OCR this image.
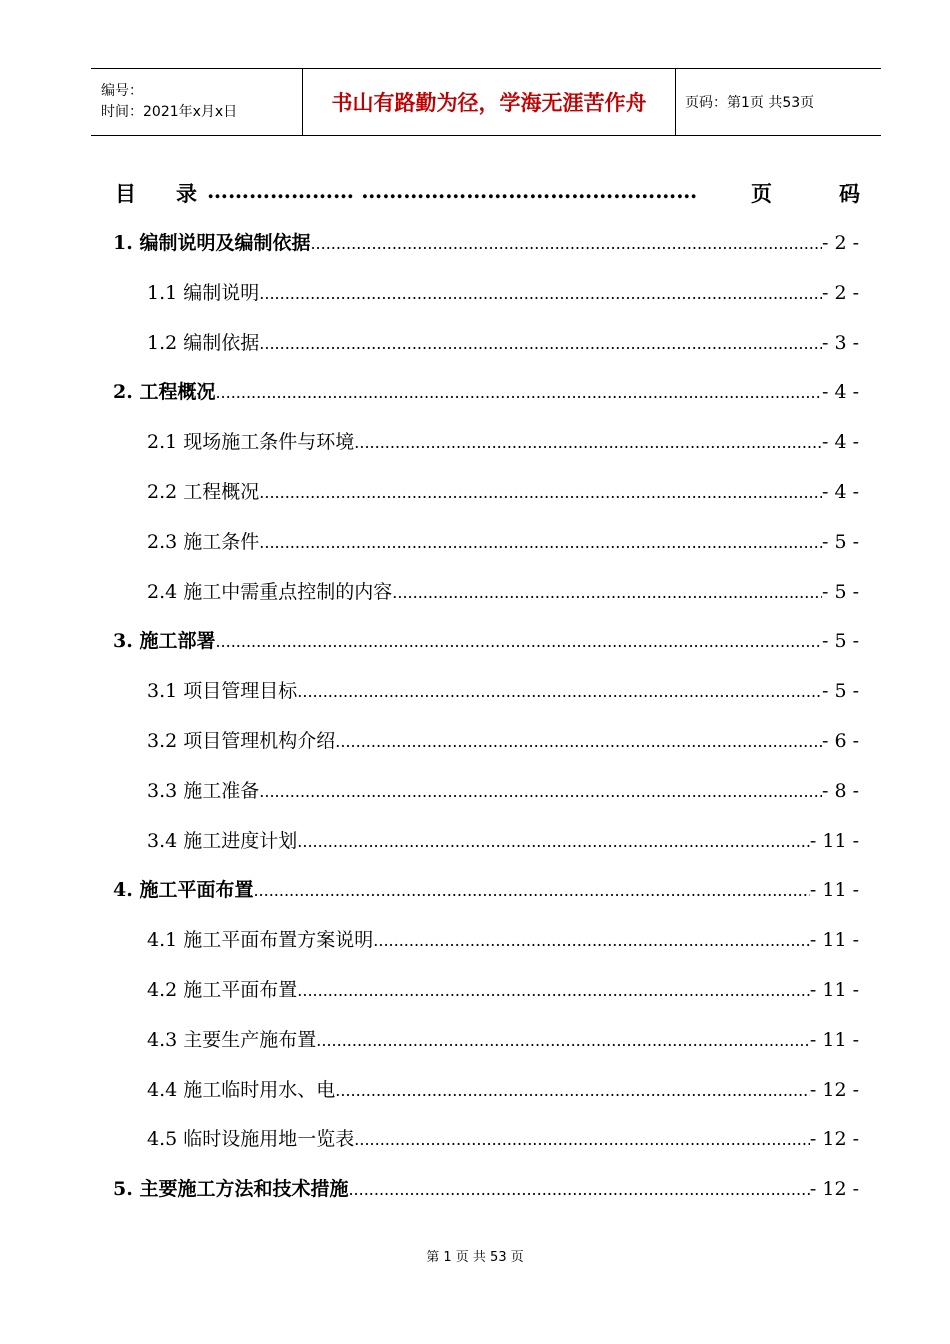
编号：
时间：2021年x月x日	书山有路勤为径，学海无涯苦作舟	页码：第1页 共53页
目 录 ………………… …………………………………………	页	码
1. 编制说明及编制依据 .....	- 2 -
1.1 编制说明 .....	- 2 -
1.2 编制依据 .....	- 3 -
2. 工程概况 .....	- 4 -
2.1 现场施工条件与环境 .....	- 4 -
2.2 工程概况 .....	- 4 -
2.3 施工条件 .....	- 5 -
2.4 施工中需重点控制的内容 .....	- 5 -
3. 施工部署 .....	- 5 -
3.1 项目管理目标 .....	- 5 -
3.2 项目管理机构介绍 .....	- 6 -
3.3 施工准备 .....	- 8 -
3.4 施工进度计划 .....	- 11 -
4. 施工平面布置 .....	- 11 -
4.1 施工平面布置方案说明 .....	- 11 -
4.2 施工平面布置 .....	- 11 -
4.3 主要生产施布置 .....	- 11 -
4.4 施工临时用水、电 .....	- 12 -
4.5 临时设施用地一览表 .....	- 12 -
5. 主要施工方法和技术措施 .....	- 12 -
第 1 页 共 53 页
